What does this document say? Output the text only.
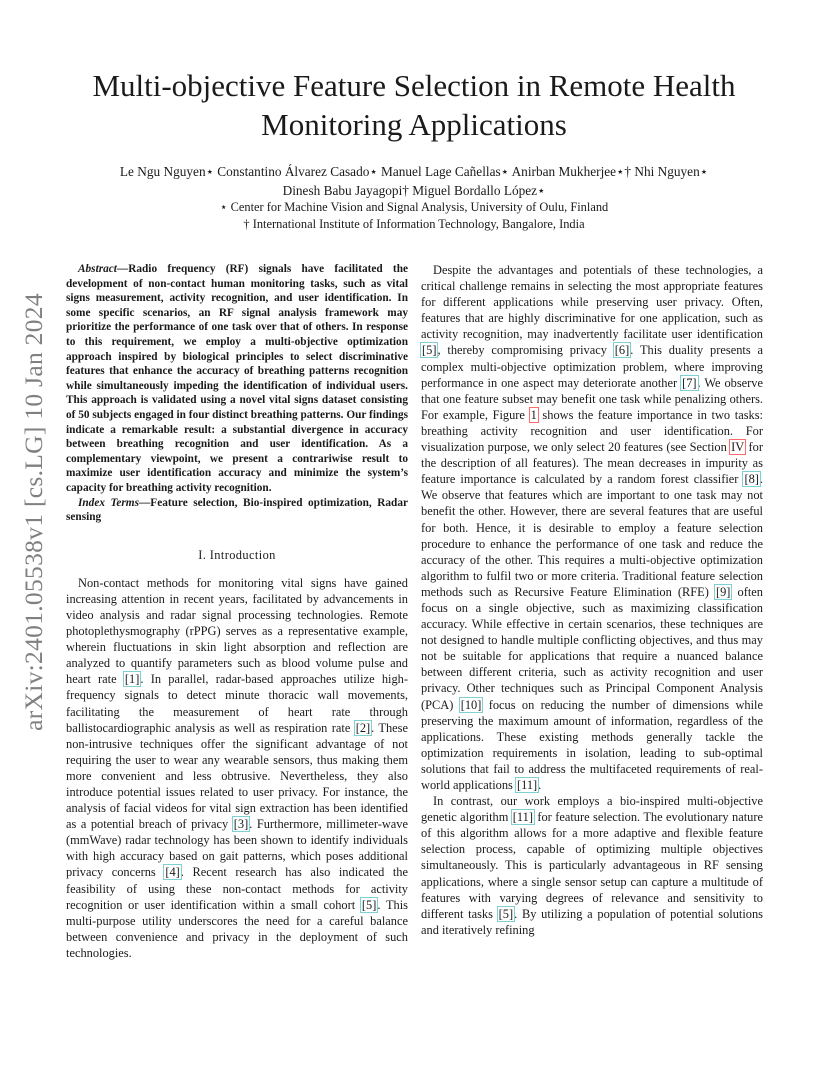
arXiv:2401.05538v1 [cs.LG] 10 Jan 2024
Multi-objective Feature Selection in Remote Health Monitoring Applications

Le Ngu Nguyen⋆ Constantino Álvarez Casado⋆ Manuel Lage Cañellas⋆ Anirban Mukherjee⋆† Nhi Nguyen⋆

Dinesh Babu Jayagopi† Miguel Bordallo López⋆

⋆ Center for Machine Vision and Signal Analysis, University of Oulu, Finland

† International Institute of Information Technology, Bangalore, India

Abstract—Radio frequency (RF) signals have facilitated the development of non-contact human monitoring tasks, such as vital signs measurement, activity recognition, and user identification. In some specific scenarios, an RF signal analysis framework may prioritize the performance of one task over that of others. In response to this requirement, we employ a multi-objective optimization approach inspired by biological principles to select discriminative features that enhance the accuracy of breathing patterns recognition while simultaneously impeding the identification of individual users. This approach is validated using a novel vital signs dataset consisting of 50 subjects engaged in four distinct breathing patterns. Our findings indicate a remarkable result: a substantial divergence in accuracy between breathing recognition and user identification. As a complementary viewpoint, we present a contrariwise result to maximize user identification accuracy and minimize the system’s capacity for breathing activity recognition.

Index Terms—Feature selection, Bio-inspired optimization, Radar sensing

I. Introduction

Non-contact methods for monitoring vital signs have gained increasing attention in recent years, facilitated by advancements in video analysis and radar signal processing technologies. Remote photoplethysmography (rPPG) serves as a representative example, wherein fluctuations in skin light absorption and reflection are analyzed to quantify parameters such as blood volume pulse and heart rate [1]. In parallel, radar-based approaches utilize high-frequency signals to detect minute thoracic wall movements, facilitating the measurement of heart rate through ballistocardiographic analysis as well as respiration rate [2]. These non-intrusive techniques offer the significant advantage of not requiring the user to wear any wearable sensors, thus making them more convenient and less obtrusive. Nevertheless, they also introduce potential issues related to user privacy. For instance, the analysis of facial videos for vital sign extraction has been identified as a potential breach of privacy [3]. Furthermore, millimeter-wave (mmWave) radar technology has been shown to identify individuals with high accuracy based on gait patterns, which poses additional privacy concerns [4]. Recent research has also indicated the feasibility of using these non-contact methods for activity recognition or user identification within a small cohort [5]. This multi-purpose utility underscores the need for a careful balance between convenience and privacy in the deployment of such technologies.

Despite the advantages and potentials of these technologies, a critical challenge remains in selecting the most appropriate features for different applications while preserving user privacy. Often, features that are highly discriminative for one application, such as activity recognition, may inadvertently facilitate user identification [5], thereby compromising privacy [6]. This duality presents a complex multi-objective optimization problem, where improving performance in one aspect may deteriorate another [7]. We observe that one feature subset may benefit one task while penalizing others. For example, Figure 1 shows the feature importance in two tasks: breathing activity recognition and user identification. For visualization purpose, we only select 20 features (see Section IV for the description of all features). The mean decreases in impurity as feature importance is calculated by a random forest classifier [8]. We observe that features which are important to one task may not benefit the other. However, there are several features that are useful for both. Hence, it is desirable to employ a feature selection procedure to enhance the performance of one task and reduce the accuracy of the other. This requires a multi-objective optimization algorithm to fulfil two or more criteria. Traditional feature selection methods such as Recursive Feature Elimination (RFE) [9] often focus on a single objective, such as maximizing classification accuracy. While effective in certain scenarios, these techniques are not designed to handle multiple conflicting objectives, and thus may not be suitable for applications that require a nuanced balance between different criteria, such as activity recognition and user privacy. Other techniques such as Principal Component Analysis (PCA) [10] focus on reducing the number of dimensions while preserving the maximum amount of information, regardless of the applications. These existing methods generally tackle the optimization requirements in isolation, leading to sub-optimal solutions that fail to address the multifaceted requirements of real-world applications [11].

In contrast, our work employs a bio-inspired multi-objective genetic algorithm [11] for feature selection. The evolutionary nature of this algorithm allows for a more adaptive and flexible feature selection process, capable of optimizing multiple objectives simultaneously. This is particularly advantageous in RF sensing applications, where a single sensor setup can capture a multitude of features with varying degrees of relevance and sensitivity to different tasks [5]. By utilizing a population of potential solutions and iteratively refining
